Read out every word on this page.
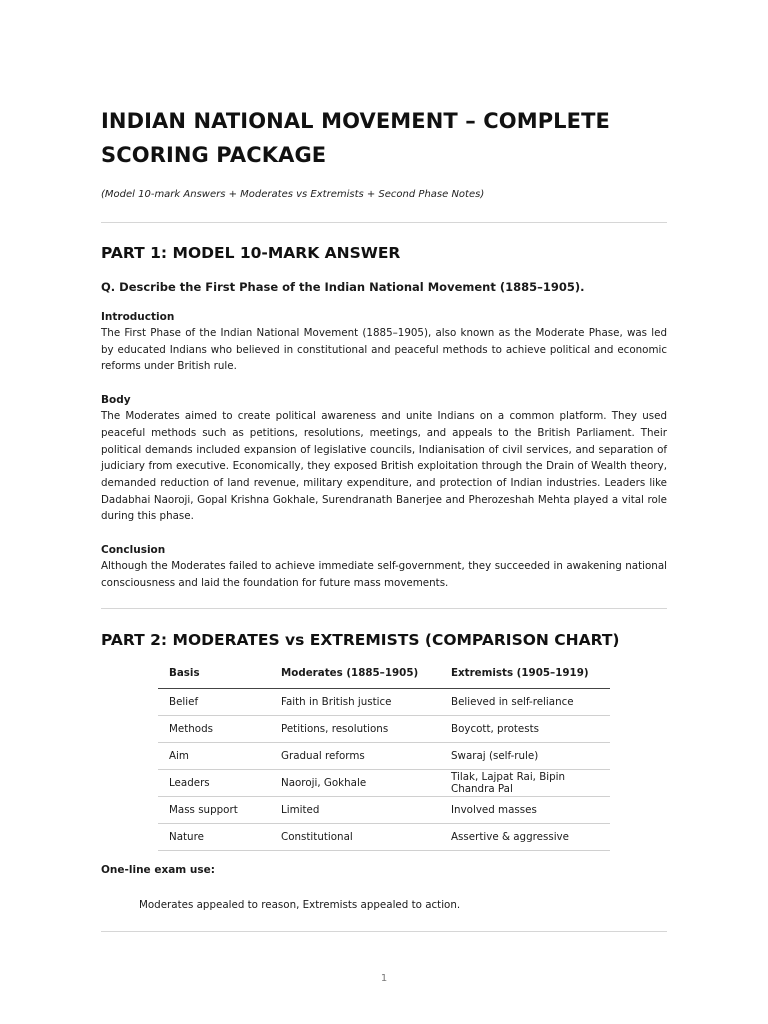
INDIAN NATIONAL MOVEMENT – COMPLETE SCORING PACKAGE
(Model 10-mark Answers + Moderates vs Extremists + Second Phase Notes)
PART 1: MODEL 10-MARK ANSWER
Q. Describe the First Phase of the Indian National Movement (1885–1905).
Introduction
The First Phase of the Indian National Movement (1885–1905), also known as the Moderate Phase, was led by educated Indians who believed in constitutional and peaceful methods to achieve political and economic reforms under British rule.
Body
The Moderates aimed to create political awareness and unite Indians on a common platform. They used peaceful methods such as petitions, resolutions, meetings, and appeals to the British Parliament. Their political demands included expansion of legislative councils, Indianisation of civil services, and separation of judiciary from executive. Economically, they exposed British exploitation through the Drain of Wealth theory, demanded reduction of land revenue, military expenditure, and protection of Indian industries. Leaders like Dadabhai Naoroji, Gopal Krishna Gokhale, Surendranath Banerjee and Pherozeshah Mehta played a vital role during this phase.
Conclusion
Although the Moderates failed to achieve immediate self-government, they succeeded in awakening national consciousness and laid the foundation for future mass movements.
PART 2: MODERATES vs EXTREMISTS (COMPARISON CHART)
Basis	Moderates (1885–1905)	Extremists (1905–1919)
Belief	Faith in British justice	Believed in self-reliance
Methods	Petitions, resolutions	Boycott, protests
Aim	Gradual reforms	Swaraj (self-rule)
Leaders	Naoroji, Gokhale	Tilak, Lajpat Rai, Bipin Chandra Pal
Mass support	Limited	Involved masses
Nature	Constitutional	Assertive & aggressive
One-line exam use:
Moderates appealed to reason, Extremists appealed to action.
1
